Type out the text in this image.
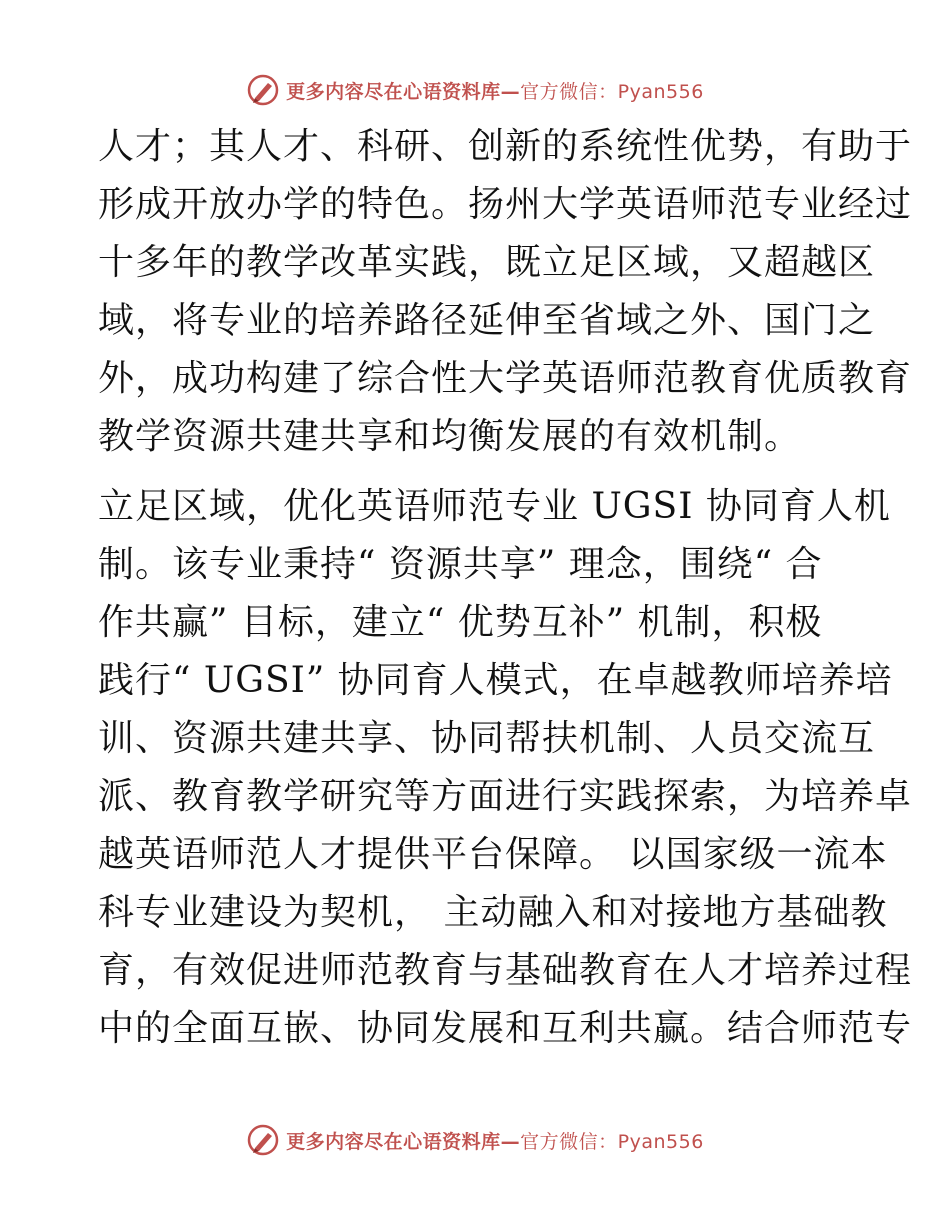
更多内容尽在心语资料库—官方微信：Pyan556
人才；其人才、科研、创新的系统性优势，有助于
形成开放办学的特色。扬州大学英语师范专业经过
十多年的教学改革实践，既立足区域，又超越区
域，将专业的培养路径延伸至省域之外、国门之
外，成功构建了综合性大学英语师范教育优质教育
教学资源共建共享和均衡发展的有效机制。
立足区域，优化英语师范专业 UGSI 协同育人机
制。该专业秉持“ 资源共享” 理念，围绕“ 合
作共赢” 目标，建立“ 优势互补” 机制，积极
践行“ UGSI” 协同育人模式，在卓越教师培养培
训、资源共建共享、协同帮扶机制、人员交流互
派、教育教学研究等方面进行实践探索，为培养卓
越英语师范人才提供平台保障。 以国家级一流本
科专业建设为契机， 主动融入和对接地方基础教
育，有效促进师范教育与基础教育在人才培养过程
中的全面互嵌、协同发展和互利共赢。结合师范专
更多内容尽在心语资料库—官方微信：Pyan556
